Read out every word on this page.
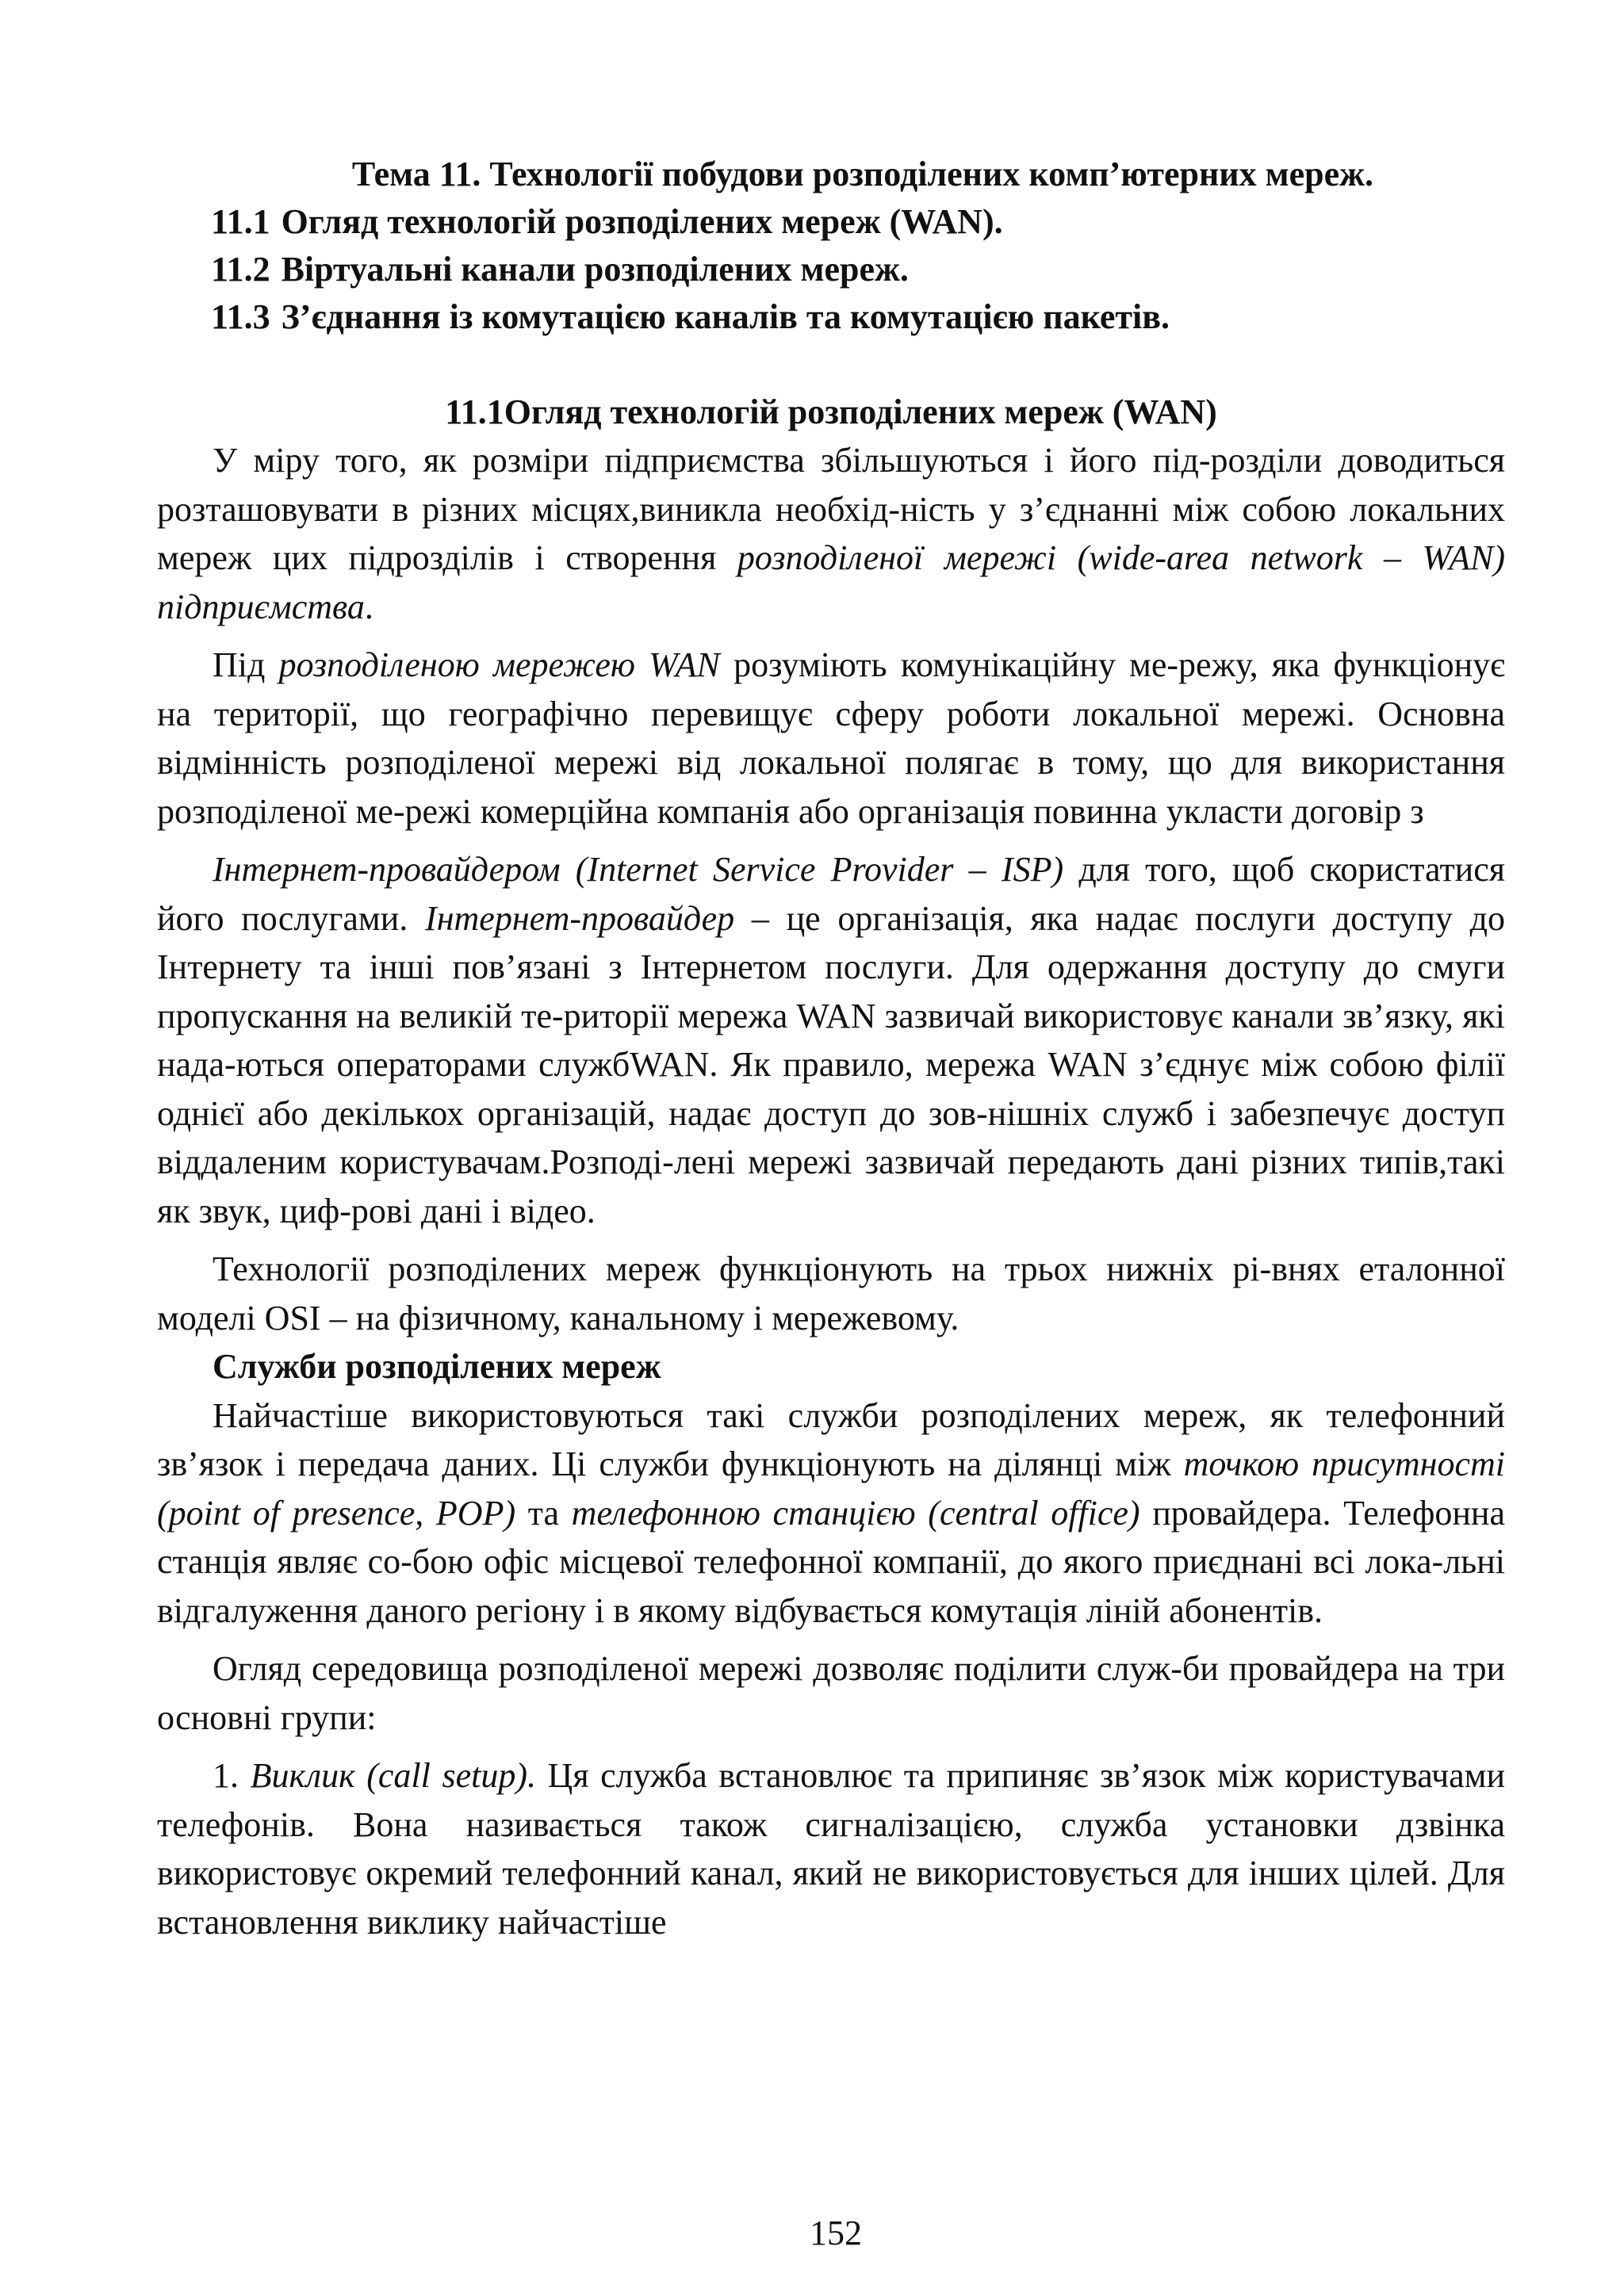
Тема 11. Технології побудови розподілених комп’ютерних мереж.

11.1 Огляд технологій розподілених мереж (WAN).
11.2 Віртуальні канали розподілених мереж.
11.3 З’єднання із комутацією каналів та комутацією пакетів.

11.1Огляд технологій розподілених мереж (WAN)

У міру того, як розміри підприємства збільшуються і його під-розділи доводиться розташовувати в різних місцях,виникла необхід-ність у з’єднанні між собою локальних мереж цих підрозділів і створення розподіленої мережі (wide-area network – WAN) підприємства.

Під розподіленою мережею WAN розуміють комунікаційну ме-режу, яка функціонує на території, що географічно перевищує сферу роботи локальної мережі. Основна відмінність розподіленої мережі від локальної полягає в тому, що для використання розподіленої ме-режі комерційна компанія або організація повинна укласти договір з

Інтернет-провайдером (Internet Service Provider – ISP) для того, щоб скористатися його послугами. Інтернет-провайдер – це організація, яка надає послуги доступу до Інтернету та інші пов’язані з Інтернетом послуги. Для одержання доступу до смуги пропускання на великій те-риторії мережа WAN зазвичай використовує канали зв’язку, які нада-ються операторами службWAN. Як правило, мережа WAN з’єднує між собою філії однієї або декількох організацій, надає доступ до зов-нішніх служб і забезпечує доступ віддаленим користувачам.Розподі-лені мережі зазвичай передають дані різних типів,такі як звук, циф-рові дані і відео.

Технології розподілених мереж функціонують на трьох нижніх рі-внях еталонної моделі OSI – на фізичному, канальному і мережевому.

Служби розподілених мереж

Найчастіше використовуються такі служби розподілених мереж, як телефонний зв’язок і передача даних. Ці служби функціонують на ділянці між точкою присутності (point of presence, POP) та телефонною станцією (central office) провайдера. Телефонна станція являє со-бою офіс місцевої телефонної компанії, до якого приєднані всі лока-льні відгалуження даного регіону і в якому відбувається комутація ліній абонентів.

Огляд середовища розподіленої мережі дозволяє поділити служ-би провайдера на три основні групи:

1. Виклик (call setup). Ця служба встановлює та припиняє зв’язок між користувачами телефонів. Вона називається також сигналізацією, служба установки дзвінка використовує окремий телефонний канал, який не використовується для інших цілей. Для встановлення виклику найчастіше

152
